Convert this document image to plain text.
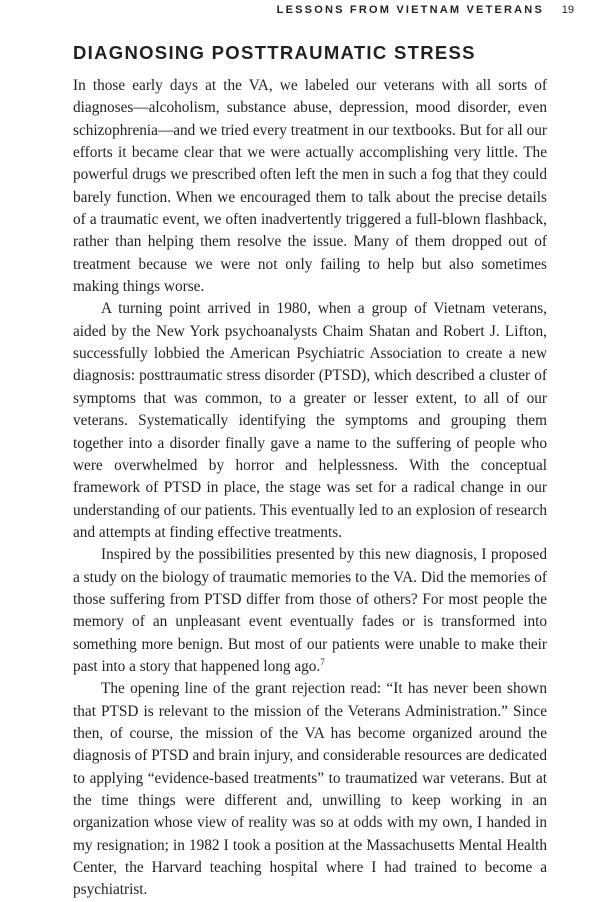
LESSONS FROM VIETNAM VETERANS 19
DIAGNOSING POSTTRAUMATIC STRESS

In those early days at the VA, we labeled our veterans with all sorts of diagnoses—alcoholism, substance abuse, depression, mood disorder, even schizophrenia—and we tried every treatment in our textbooks. But for all our efforts it became clear that we were actually accomplishing very little. The powerful drugs we prescribed often left the men in such a fog that they could barely function. When we encouraged them to talk about the precise details of a traumatic event, we often inadvertently triggered a full-blown flashback, rather than helping them resolve the issue. Many of them dropped out of treatment because we were not only failing to help but also sometimes making things worse.

A turning point arrived in 1980, when a group of Vietnam veterans, aided by the New York psychoanalysts Chaim Shatan and Robert J. Lifton, successfully lobbied the American Psychiatric Association to create a new diagnosis: posttraumatic stress disorder (PTSD), which described a cluster of symptoms that was common, to a greater or lesser extent, to all of our veterans. Systematically identifying the symptoms and grouping them together into a disorder finally gave a name to the suffering of people who were overwhelmed by horror and helplessness. With the conceptual framework of PTSD in place, the stage was set for a radical change in our understanding of our patients. This eventually led to an explosion of research and attempts at finding effective treatments.

Inspired by the possibilities presented by this new diagnosis, I proposed a study on the biology of traumatic memories to the VA. Did the memories of those suffering from PTSD differ from those of others? For most people the memory of an unpleasant event eventually fades or is transformed into something more benign. But most of our patients were unable to make their past into a story that happened long ago.$^7$

The opening line of the grant rejection read: “It has never been shown that PTSD is relevant to the mission of the Veterans Administration.” Since then, of course, the mission of the VA has become organized around the diagnosis of PTSD and brain injury, and considerable resources are dedicated to applying “evidence-based treatments” to traumatized war veterans. But at the time things were different and, unwilling to keep working in an organization whose view of reality was so at odds with my own, I handed in my resignation; in 1982 I took a position at the Massachusetts Mental Health Center, the Harvard teaching hospital where I had trained to become a psychiatrist.
